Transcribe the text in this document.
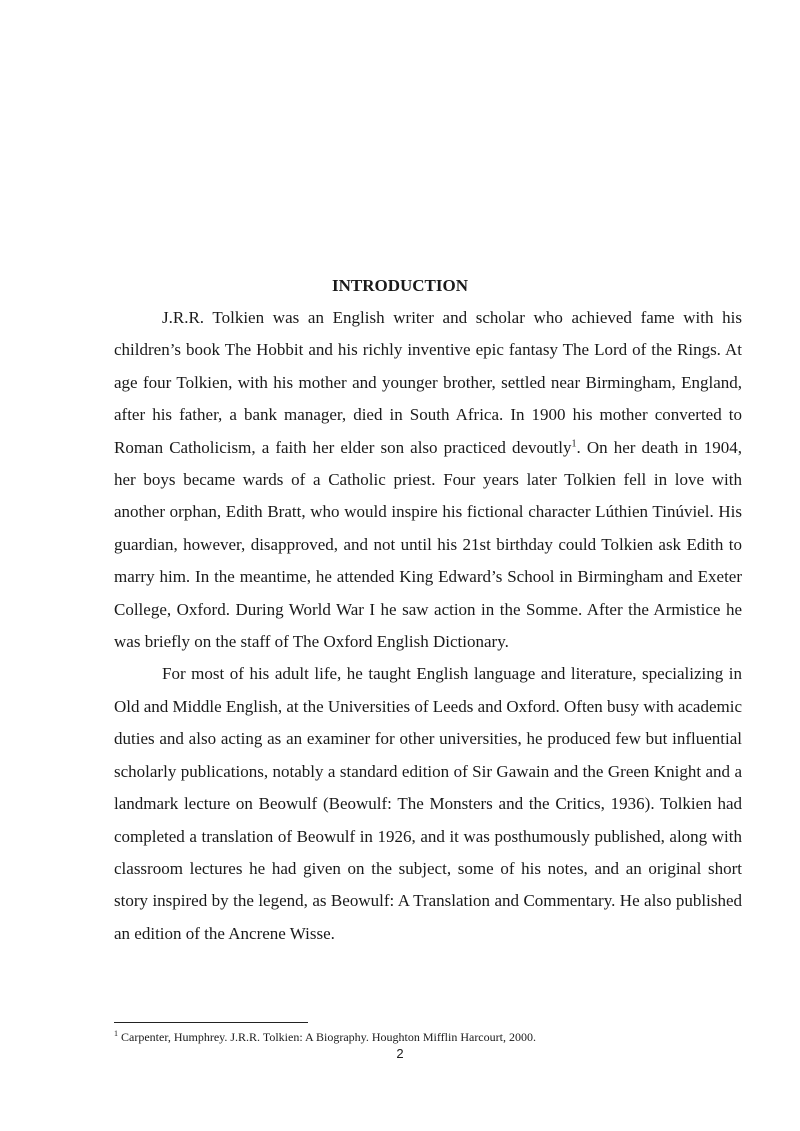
INTRODUCTION

J.R.R. Tolkien was an English writer and scholar who achieved fame with his children’s book The Hobbit and his richly inventive epic fantasy The Lord of the Rings. At age four Tolkien, with his mother and younger brother, settled near Birmingham, England, after his father, a bank manager, died in South Africa. In 1900 his mother converted to Roman Catholicism, a faith her elder son also practiced devoutly$^1$. On her death in 1904, her boys became wards of a Catholic priest. Four years later Tolkien fell in love with another orphan, Edith Bratt, who would inspire his fictional character Lúthien Tinúviel. His guardian, however, disapproved, and not until his 21st birthday could Tolkien ask Edith to marry him. In the meantime, he attended King Edward’s School in Birmingham and Exeter College, Oxford. During World War I he saw action in the Somme. After the Armistice he was briefly on the staff of The Oxford English Dictionary.

For most of his adult life, he taught English language and literature, specializing in Old and Middle English, at the Universities of Leeds and Oxford. Often busy with academic duties and also acting as an examiner for other universities, he produced few but influential scholarly publications, notably a standard edition of Sir Gawain and the Green Knight and a landmark lecture on Beowulf (Beowulf: The Monsters and the Critics, 1936). Tolkien had completed a translation of Beowulf in 1926, and it was posthumously published, along with classroom lectures he had given on the subject, some of his notes, and an original short story inspired by the legend, as Beowulf: A Translation and Commentary. He also published an edition of the Ancrene Wisse.

$^1$ Carpenter, Humphrey. J.R.R. Tolkien: A Biography. Houghton Mifflin Harcourt, 2000.
2
